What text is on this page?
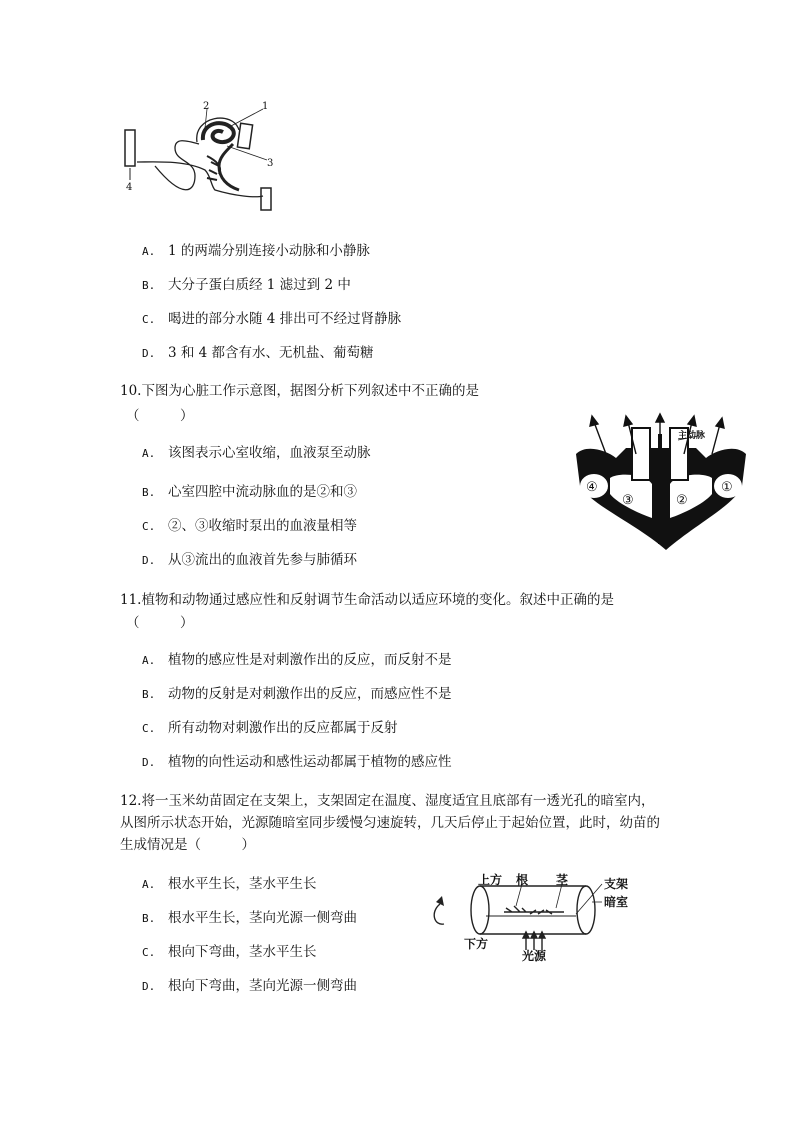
4
2	1
3
A. 1 的两端分别连接小动脉和小静脉
B. 大分子蛋白质经 1 滤过到 2 中
C. 喝进的部分水随 4 排出可不经过肾静脉
D. 3 和 4 都含有水、无机盐、葡萄糖
10.下图为心脏工作示意图，据图分析下列叙述中不正确的是
（　　　）
主动脉
④
③	②
①
A. 该图表示心室收缩，血液泵至动脉
B. 心室四腔中流动脉血的是②和③
C. ②、③收缩时泵出的血液量相等
D. 从③流出的血液首先参与肺循环
11.植物和动物通过感应性和反射调节生命活动以适应环境的变化。叙述中正确的是
（　　　）
A. 植物的感应性是对刺激作出的反应，而反射不是
B. 动物的反射是对刺激作出的反应，而感应性不是
C. 所有动物对刺激作出的反应都属于反射
D. 植物的向性运动和感性运动都属于植物的感应性
12.将一玉米幼苗固定在支架上，支架固定在温度、湿度适宜且底部有一透光孔的暗室内，
从图所示状态开始，光源随暗室同步缓慢匀速旋转，几天后停止于起始位置，此时，幼苗的
生成情况是（　　　）
上方 根 茎	支架
暗室
下方
光源
A. 根水平生长，茎水平生长
B. 根水平生长，茎向光源一侧弯曲
C. 根向下弯曲，茎水平生长
D. 根向下弯曲，茎向光源一侧弯曲
